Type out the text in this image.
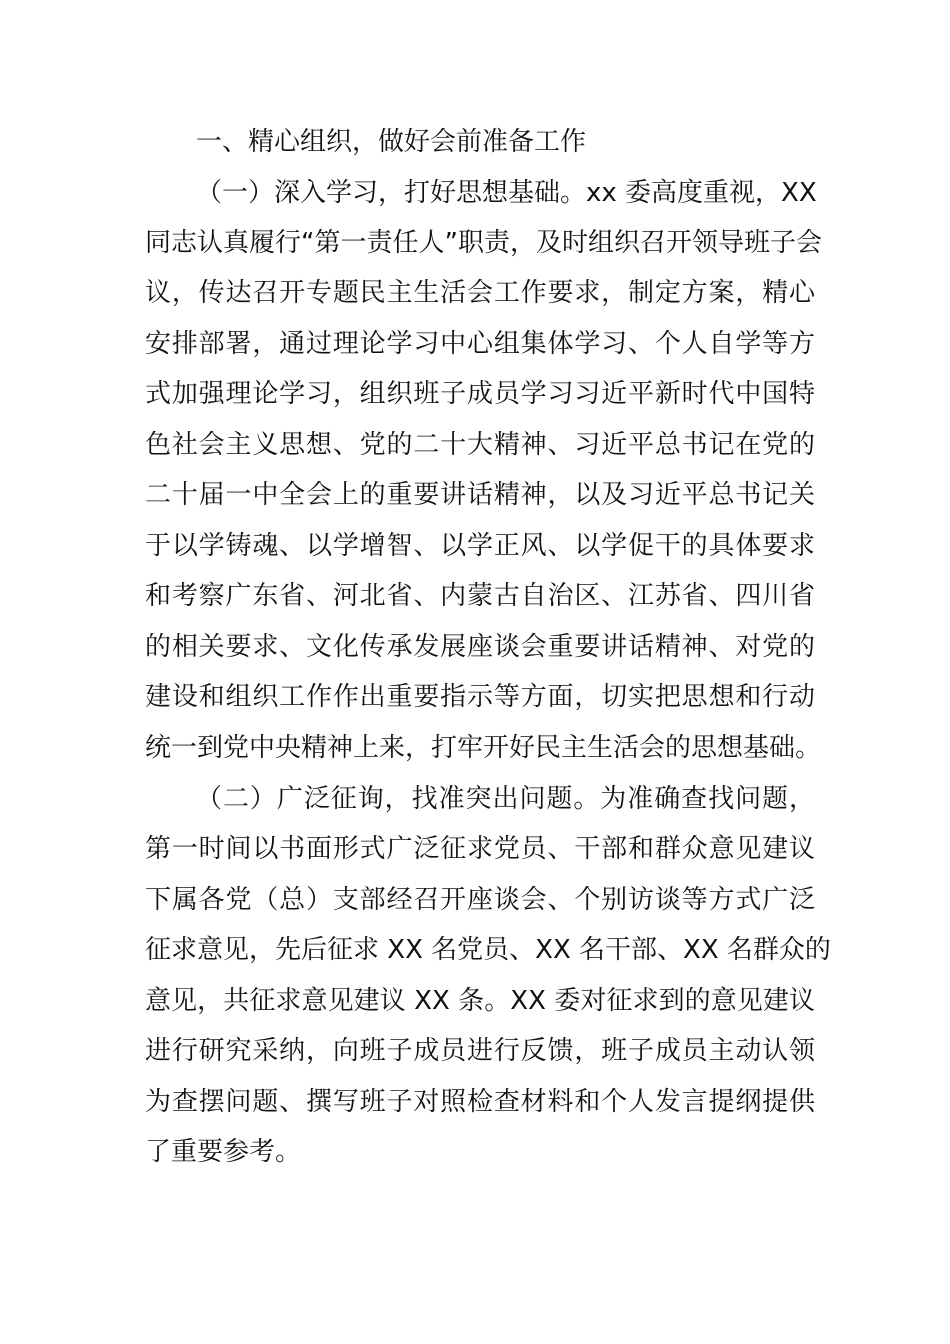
一、精心组织，做好会前准备工作
（一）深入学习，打好思想基础。xx 委高度重视，XX
同志认真履行“第一责任人”职责，及时组织召开领导班子会
议，传达召开专题民主生活会工作要求，制定方案，精心
安排部署，通过理论学习中心组集体学习、个人自学等方
式加强理论学习，组织班子成员学习习近平新时代中国特
色社会主义思想、党的二十大精神、习近平总书记在党的
二十届一中全会上的重要讲话精神，以及习近平总书记关
于以学铸魂、以学增智、以学正风、以学促干的具体要求
和考察广东省、河北省、内蒙古自治区、江苏省、四川省
的相关要求、文化传承发展座谈会重要讲话精神、对党的
建设和组织工作作出重要指示等方面，切实把思想和行动
统一到党中央精神上来，打牢开好民主生活会的思想基础。
（二）广泛征询，找准突出问题。为准确查找问题，
第一时间以书面形式广泛征求党员、干部和群众意见建议
下属各党（总）支部经召开座谈会、个别访谈等方式广泛
征求意见，先后征求 XX 名党员、XX 名干部、XX 名群众的
意见，共征求意见建议 XX 条。XX 委对征求到的意见建议
进行研究采纳，向班子成员进行反馈，班子成员主动认领
为查摆问题、撰写班子对照检查材料和个人发言提纲提供
了重要参考。
